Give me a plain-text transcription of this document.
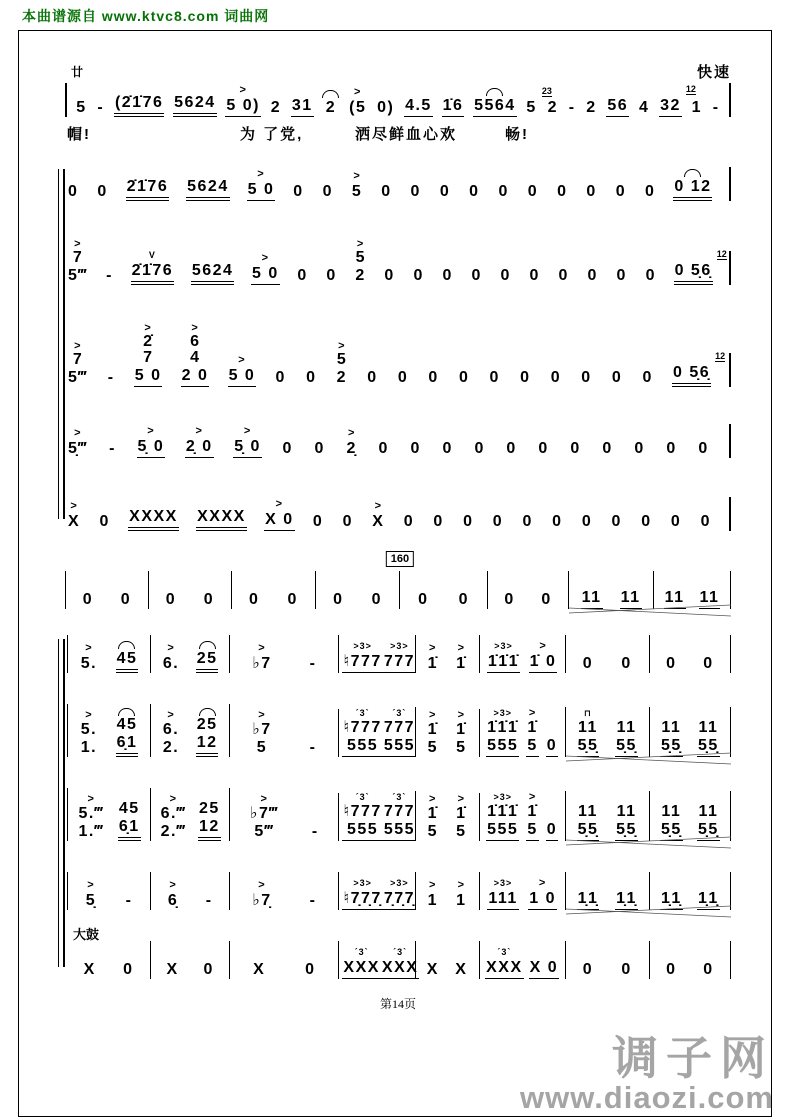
本曲谱源自 www.ktvc8.com 词曲网
廿	快速
5 - (2̇1̇76 5624
>
5 0) 2 31 2
>
(5 0) 4.5 1̇6 5564 5
23
2 - 2 56 4 32
12
1 -
帽!	为 了党,	洒尽鲜血心欢	畅!
0 0 2̇1̇76 5624
>
5 0 0 0
>
5 0 0 0 0 0 0 0 0 0 0 0 12
>
7
5‴ -
V
2̇1̇76 5624
>
5 0 0 0
>
5
2 0 0 0 0 0 0 0 0 0 0 0 5̣6̣
12
>
7
5‴ -
>
2̇
7
5 0
>
6
4
2 0
>
5 0 0 0
>
5
2 0 0 0 0 0 0 0 0 0 0 0 5̣6̣
12
>
5̣‴ -
>
5̣ 0
>
2̣ 0
>
5̣ 0 0 0
>
2̣ 0 0 0 0 0 0 0 0 0 0 0
>
X 0 XXXX XXXX
>
X 0 0 0
>
X 0 0 0 0 0 0 0 0 0 0 0
160
0 0 0 0 0 0 0 0 0 0 0 0 11 11 11 11
>
5. 45
>
6. 25
>
♭7 -
>3>
♮777
>3>
777
>
1̇
>
1̇
>3>
1̇1̇1̇
>
1̇ 0 0 0 0 0
>
5.
1.
45
6̣1
>
6.
2.
25
12
>
♭7
5
	-
´3`
♮777
555
´3`
777
555
>
1̇
5
>
1̇
5
>3>
1̇1̇1̇
555
>
1̇
5
0
⊓
11
5̣5̣
11
5̣5̣
11
5̣5̣
11
5̣5̣
>
5.‴
1.‴
45
6̣1
>
6.‴
2.‴
25
12
>
♭7‴
5‴
-
´3`
♮777
555
´3`
777
555
>
1̇
5
>
1̇
5
>3>
1̇1̇1̇
555
>
1̇
5
0
11
5̣5̣
11
5̣5̣
11
5̣5̣
11
5̣5̣
>
5̣ -
>
6̣ -
>
♭7̣ -
>3>
♮7̣7̣7̣
>3>
7̣7̣7̣
>
1
>
1
>3>
111
>
1 0 1̣1̣ 1̣1̣ 1̣1̣ 1̣1̣
大鼓
X 0 X 0 X 0
´3`
XXX
´3`
XXX X X
´3`
XXX X 0 0 0 0 0
第14页
调子网
www.diaozi.com
